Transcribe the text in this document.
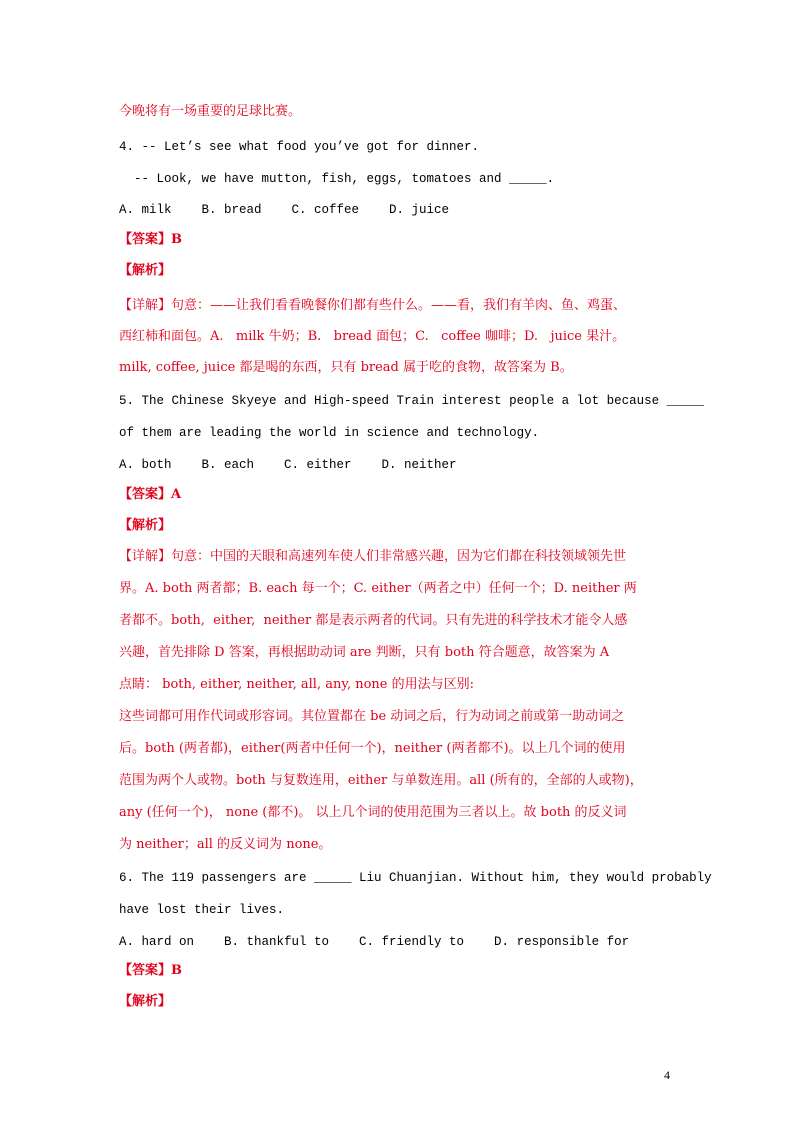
今晚将有一场重要的足球比赛。
4. -- Let’s see what food you’ve got for dinner.
-- Look, we have mutton, fish, eggs, tomatoes and _____.
A. milk    B. bread    C. coffee    D. juice
【答案】B
【解析】
【详解】句意：——让我们看看晚餐你们都有些什么。——看，我们有羊肉、鱼、鸡蛋、
西红柿和面包。A.   milk 牛奶；B.   bread 面包；C.   coffee 咖啡；D.   juice 果汁。
milk, coffee, juice 都是喝的东西，只有 bread 属于吃的食物，故答案为 B。
5. The Chinese Skyeye and High-speed Train interest people a lot because _____
of them are leading the world in science and technology.
A. both    B. each    C. either    D. neither
【答案】A
【解析】
【详解】句意：中国的天眼和高速列车使人们非常感兴趣，因为它们都在科技领域领先世
界。A. both 两者都；B. each 每一个；C. either（两者之中）任何一个；D. neither 两
者都不。both,  either,  neither 都是表示两者的代词。只有先进的科学技术才能令人感
兴趣，首先排除 D 答案，再根据助动词 are 判断，只有 both 符合题意，故答案为 A
点睛： both, either, neither, all, any, none 的用法与区别:
这些词都可用作代词或形容词。其位置都在 be 动词之后，行为动词之前或第一助动词之
后。both (两者都)，either(两者中任何一个)，neither (两者都不)。以上几个词的使用
范围为两个人或物。both 与复数连用，either 与单数连用。all (所有的，全部的人或物)，
any (任何一个)， none (都不)。 以上几个词的使用范围为三者以上。故 both 的反义词
为 neither；all 的反义词为 none。
6. The 119 passengers are _____ Liu Chuanjian. Without him, they would probably
have lost their lives.
A. hard on    B. thankful to    C. friendly to    D. responsible for
【答案】B
【解析】
4
